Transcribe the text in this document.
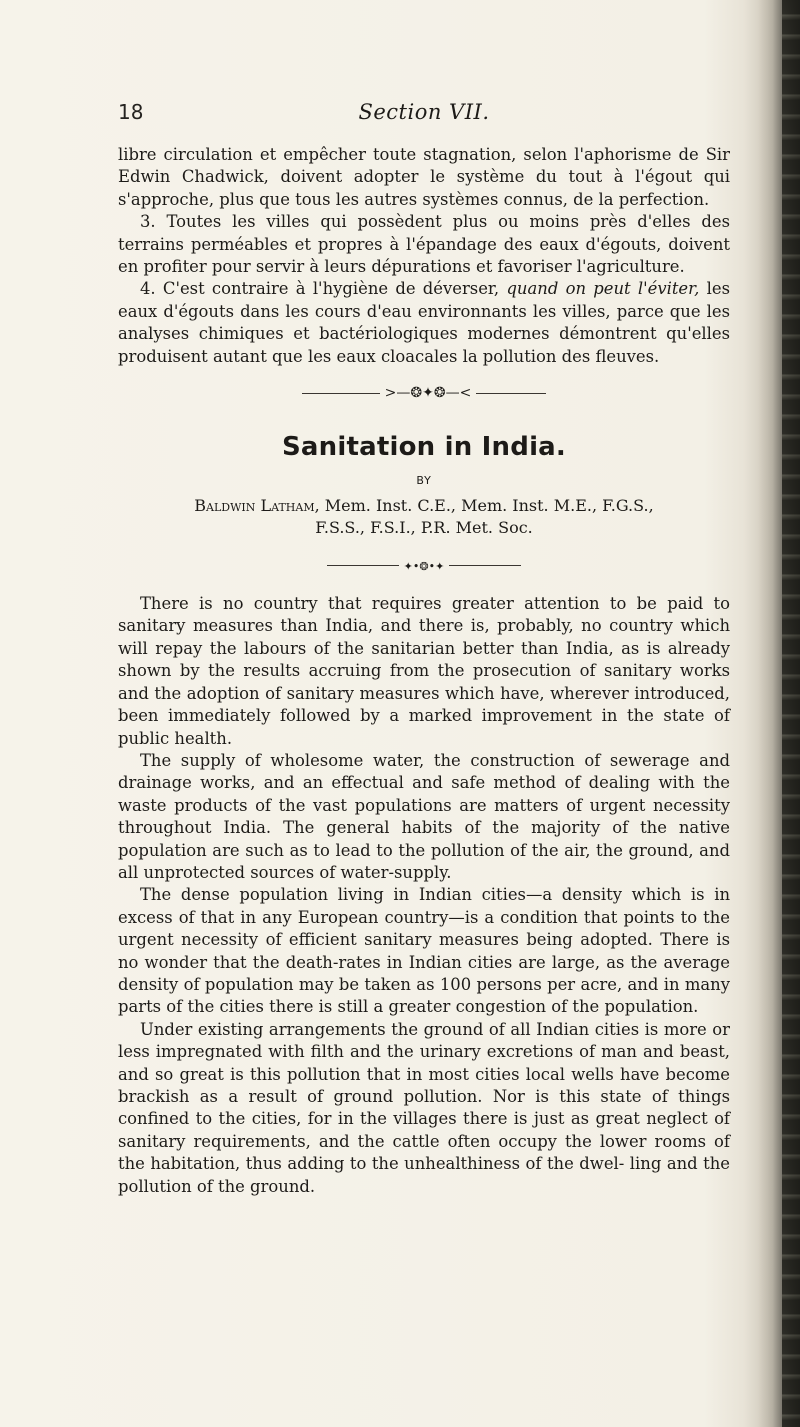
18	Section VII.

libre circulation et empêcher toute stagnation, selon l'aphorisme de Sir Edwin Chadwick, doivent adopter le système du tout à l'égout qui s'approche, plus que tous les autres systèmes connus, de la perfection.

3. Toutes les villes qui possèdent plus ou moins près d'elles des terrains perméables et propres à l'épandage des eaux d'égouts, doivent en profiter pour servir à leurs dépurations et favoriser l'agriculture.

4. C'est contraire à l'hygiène de déverser, quand on peut l'éviter, les eaux d'égouts dans les cours d'eau environnants les villes, parce que les analyses chimiques et bactériologiques modernes démontrent qu'elles produisent autant que les eaux cloacales la pollution des fleuves.

>—❂✦❂—<
Sanitation in India.
BY

Baldwin Latham, Mem. Inst. C.E., Mem. Inst. M.E., F.G.S.,

F.S.S., F.S.I., P.R. Met. Soc.

✦•❂•✦

There is no country that requires greater attention to be paid to sanitary measures than India, and there is, probably, no country which will repay the labours of the sanitarian better than India, as is already shown by the results accruing from the prosecution of sanitary works and the adoption of sanitary measures which have, wherever introduced, been immediately followed by a marked improvement in the state of public health.

The supply of wholesome water, the construction of sewerage and drainage works, and an effectual and safe method of dealing with the waste products of the vast populations are matters of urgent necessity throughout India. The general habits of the majority of the native population are such as to lead to the pollution of the air, the ground, and all unprotected sources of water-supply.

The dense population living in Indian cities—a density which is in excess of that in any European country—is a condition that points to the urgent necessity of efficient sanitary measures being adopted. There is no wonder that the death-rates in Indian cities are large, as the average density of population may be taken as 100 persons per acre, and in many parts of the cities there is still a greater congestion of the population.

Under existing arrangements the ground of all Indian cities is more or less impregnated with filth and the urinary excretions of man and beast, and so great is this pollution that in most cities local wells have become brackish as a result of ground pollution. Nor is this state of things confined to the cities, for in the villages there is just as great neglect of sanitary requirements, and the cattle often occupy the lower rooms of the habitation, thus adding to the unhealthiness of the dwel- ling and the pollution of the ground.
